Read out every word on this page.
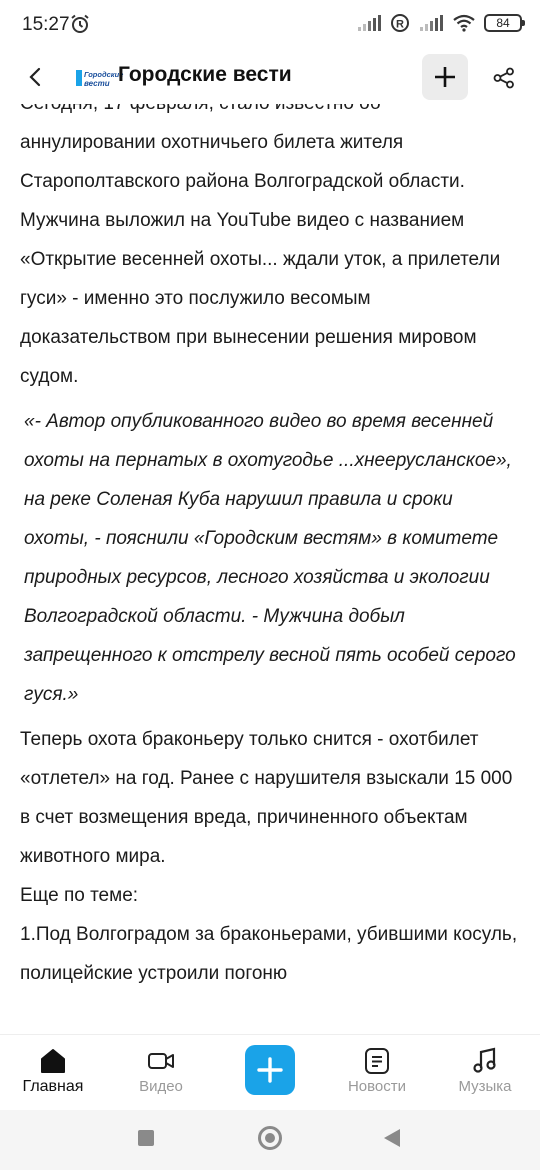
15:27	R	84
Городские
вести Городские вести

аннулировании охотничьего билета жителя Старополтавского района Волгоградской области. Мужчина выложил на YouTube видео с названием «Открытие весенней охоты... ждали уток, а прилетели гуси» - именно это послужило весомым доказательством при вынесении решения мировом судом.

«- Автор опубликованного видео во время весенней охоты на пернатых в охотугодье ...хнеерусланское», на реке Соленая Куба нарушил правила и сроки охоты, - пояснили «Городским вестям» в комитете природных ресурсов, лесного хозяйства и экологии Волгоградской области. - Мужчина добыл запрещенного к отстрелу весной пять особей серого гуся.»

Теперь охота браконьеру только снится - охотбилет «отлетел» на год. Ранее с нарушителя взыскали 15 000 в счет возмещения вреда, причиненного объектам животного мира.

Еще по теме:

1.Под Волгоградом за браконьерами, убившими косуль, полицейские устроили погоню

Главная	Видео	Новости	Музыка
